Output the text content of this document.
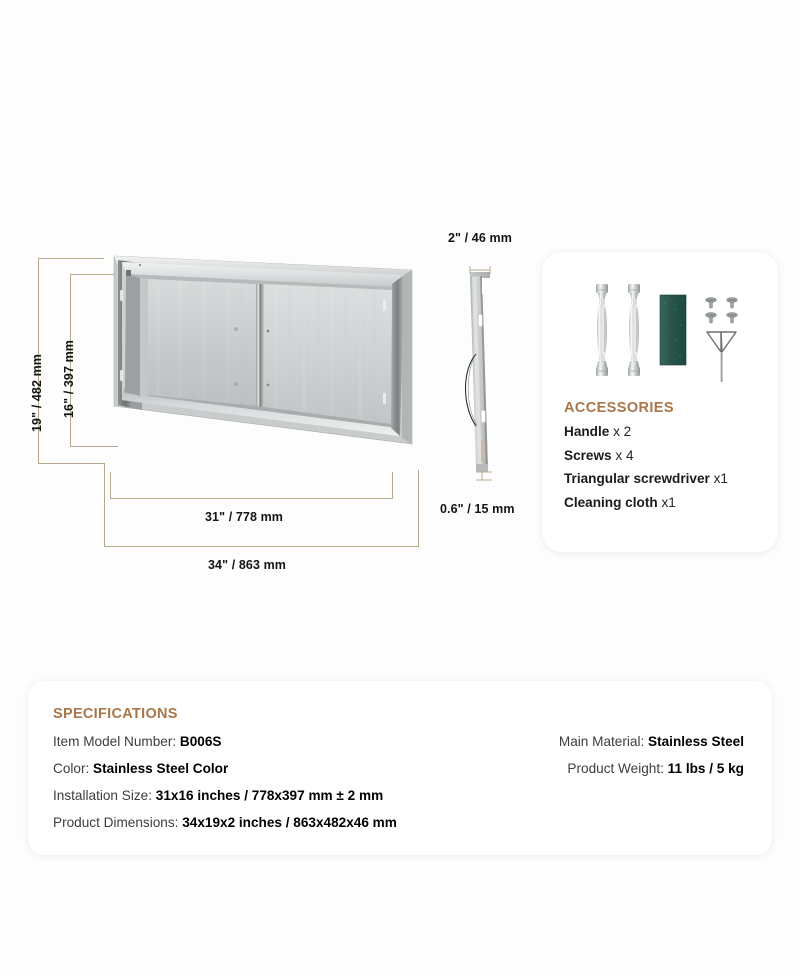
19" / 482 mm 16" / 397 mm
31" / 778 mm
34" / 863 mm
2" / 46 mm
0.6" / 15 mm
ACCESSORIES
Handle x 2
Screws x 4
Triangular screwdriver x1
Cleaning cloth x1
SPECIFICATIONS
Item Model Number: B006S
Color: Stainless Steel Color
Installation Size: 31x16 inches / 778x397 mm ± 2 mm
Product Dimensions: 34x19x2 inches / 863x482x46 mm
Main Material: Stainless Steel
Product Weight: 11 lbs / 5 kg
